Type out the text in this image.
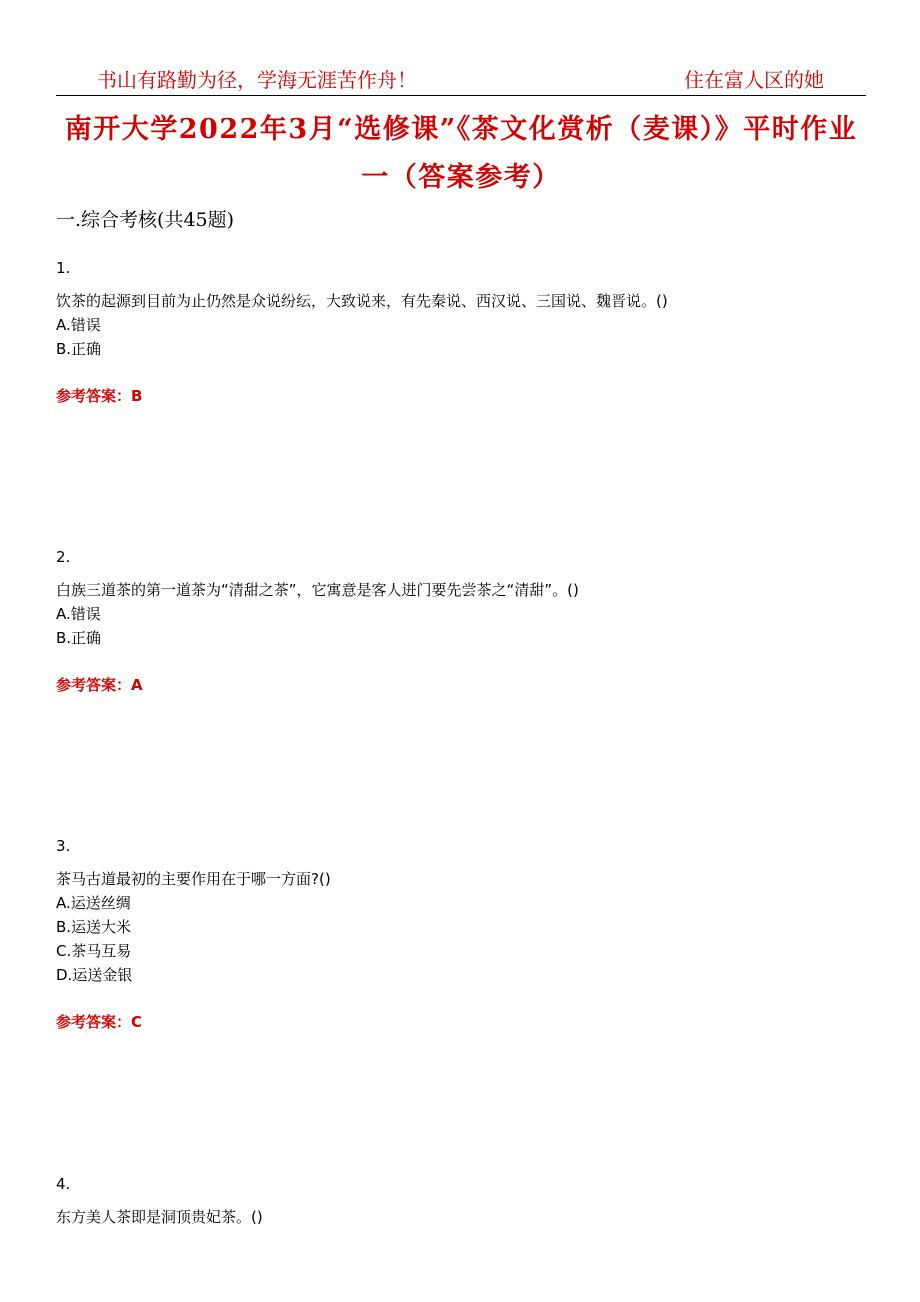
书山有路勤为径，学海无涯苦作舟！	住在富人区的她
南开大学2022年3月“选修课”《茶文化赏析（麦课）》平时作业一（答案参考）
一.综合考核(共45题)
1.
饮茶的起源到目前为止仍然是众说纷纭，大致说来，有先秦说、西汉说、三国说、魏晋说。()
A.错误
B.正确
参考答案：B
2.
白族三道茶的第一道茶为“清甜之茶”，它寓意是客人进门要先尝茶之“清甜”。()
A.错误
B.正确
参考答案：A
3.
茶马古道最初的主要作用在于哪一方面?()
A.运送丝绸
B.运送大米
C.茶马互易
D.运送金银
参考答案：C
4.
东方美人茶即是洞顶贵妃茶。()
